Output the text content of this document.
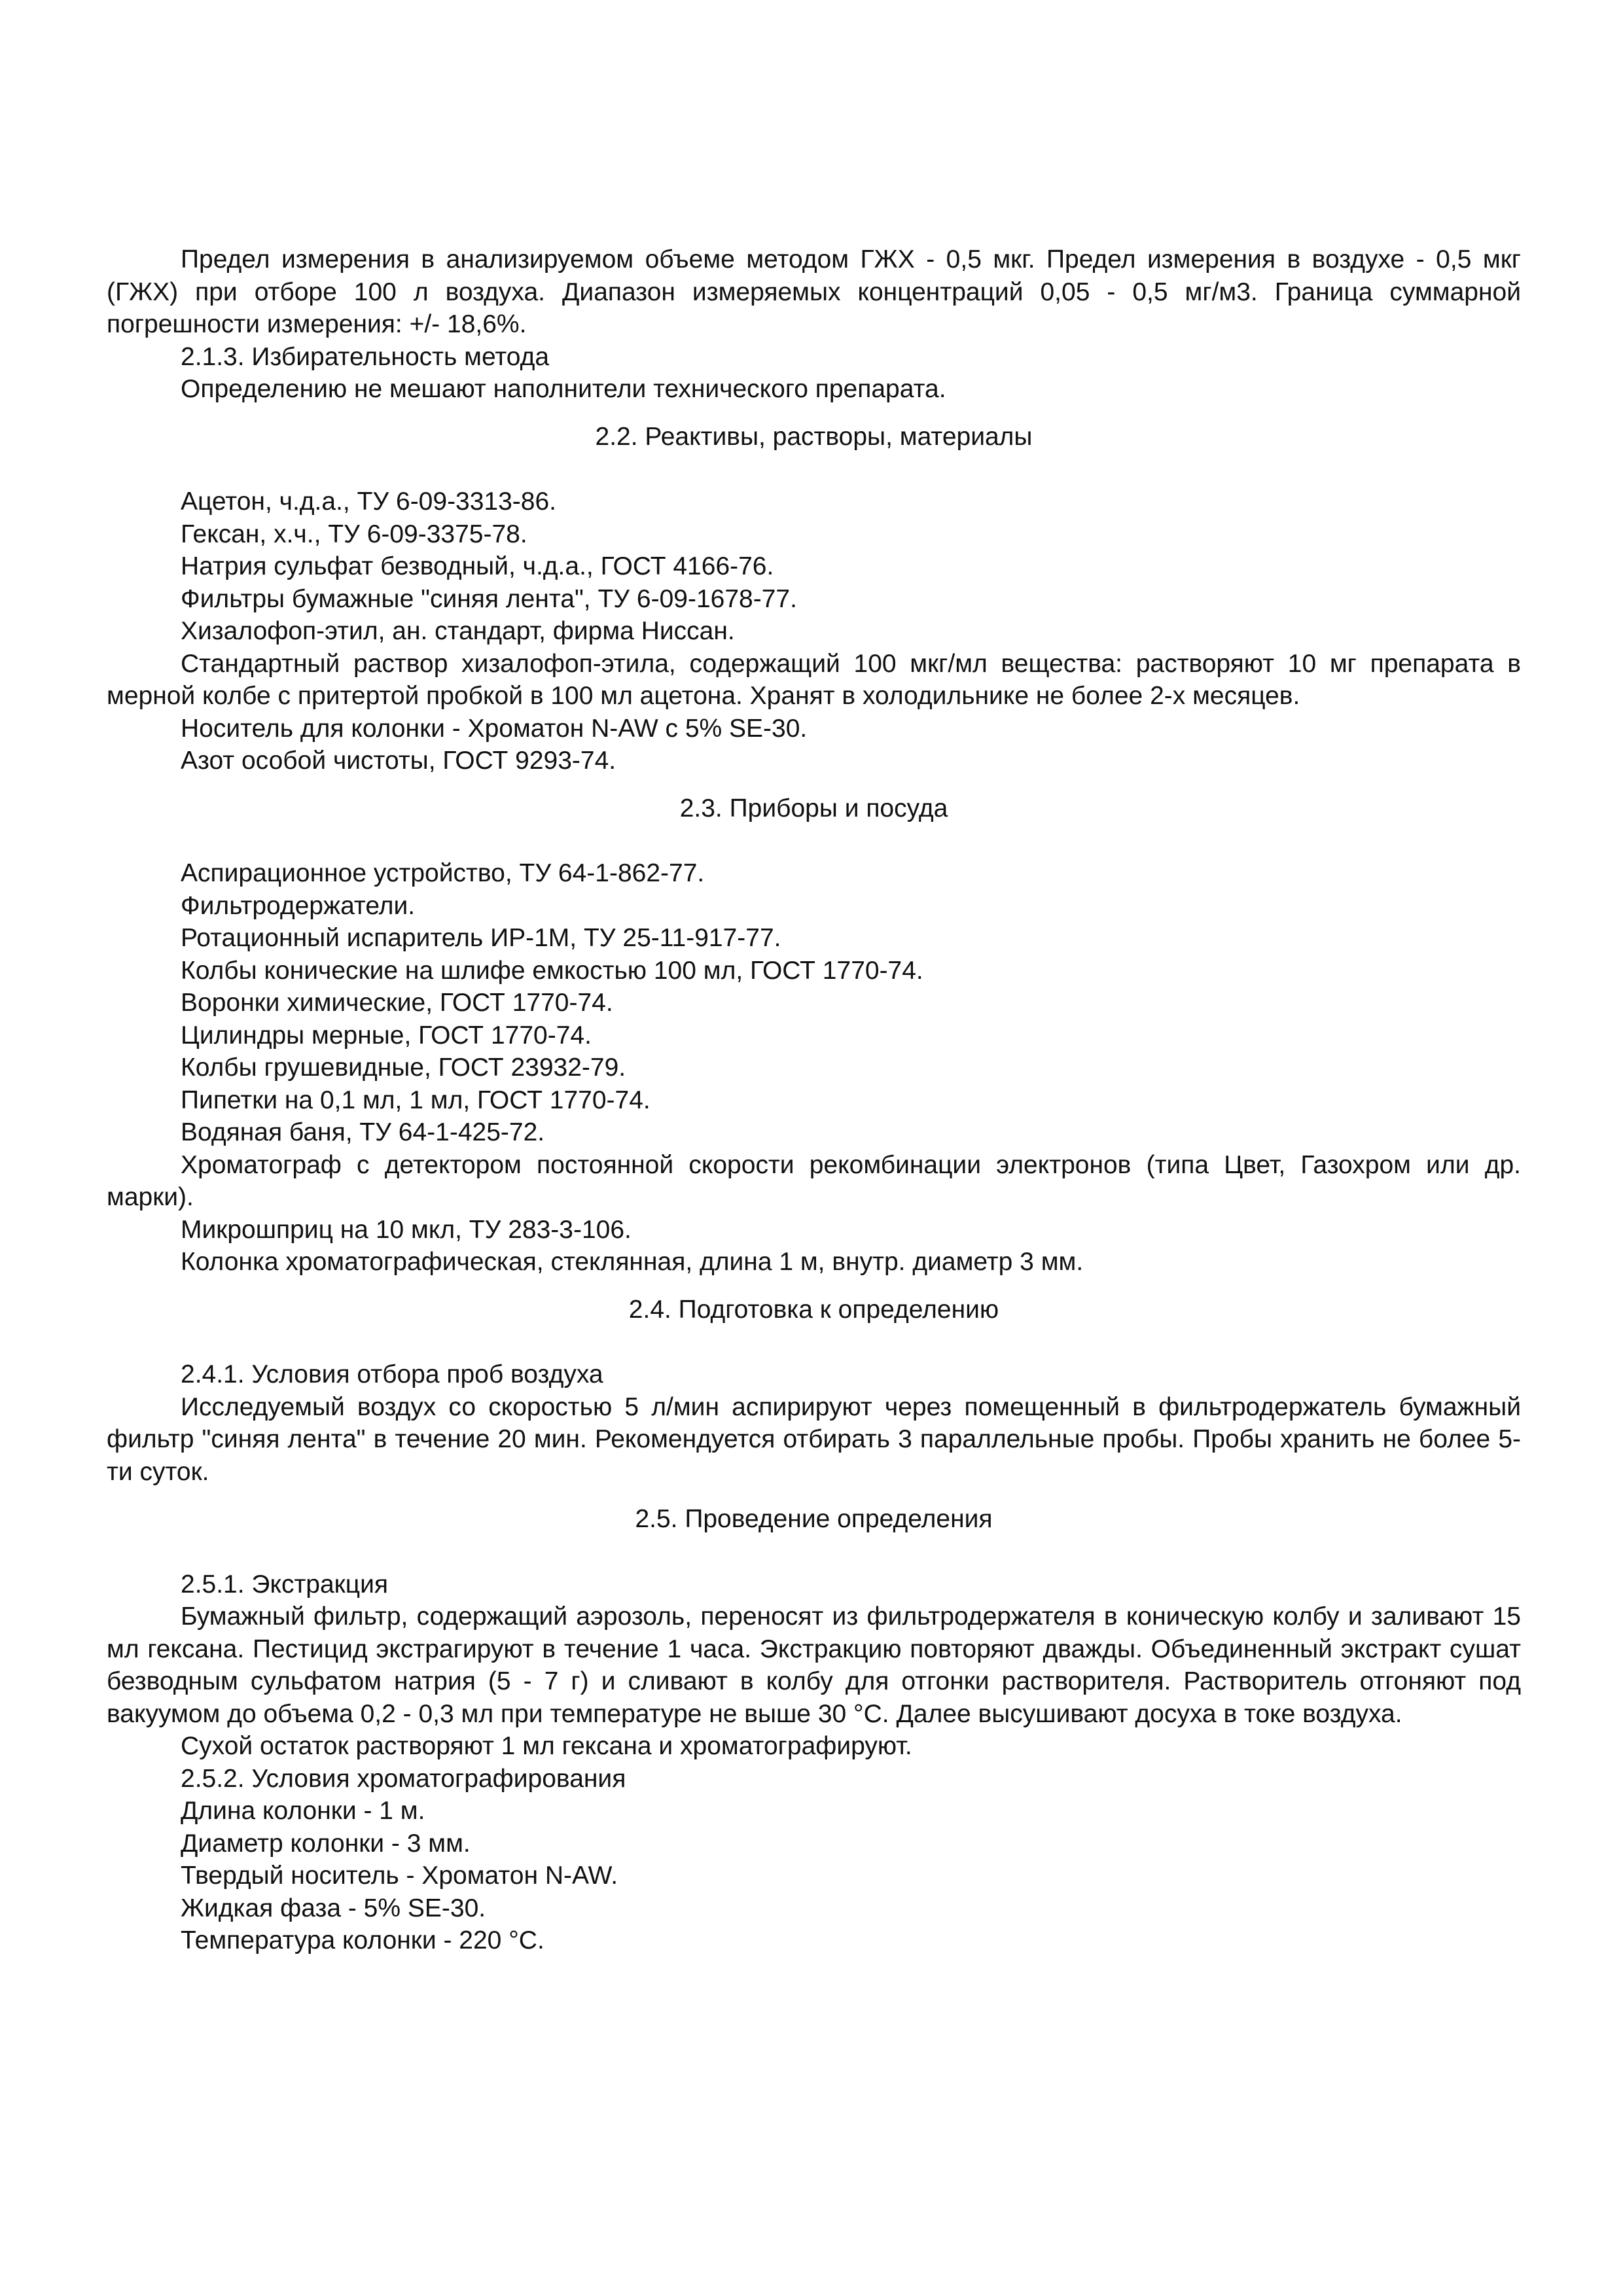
Предел измерения в анализируемом объеме методом ГЖХ - 0,5 мкг. Предел измерения в воздухе - 0,5 мкг (ГЖХ) при отборе 100 л воздуха. Диапазон измеряемых концентраций 0,05 - 0,5 мг/м3. Граница суммарной погрешности измерения: +/- 18,6%.

2.1.3. Избирательность метода

Определению не мешают наполнители технического препарата.

2.2. Реактивы, растворы, материалы

Ацетон, ч.д.а., ТУ 6-09-3313-86.

Гексан, х.ч., ТУ 6-09-3375-78.

Натрия сульфат безводный, ч.д.а., ГОСТ 4166-76.

Фильтры бумажные "синяя лента", ТУ 6-09-1678-77.

Хизалофоп-этил, ан. стандарт, фирма Ниссан.

Стандартный раствор хизалофоп-этила, содержащий 100 мкг/мл вещества: растворяют 10 мг препарата в мерной колбе с притертой пробкой в 100 мл ацетона. Хранят в холодильнике не более 2-х месяцев.

Носитель для колонки - Хроматон N-AW с 5% SE-30.

Азот особой чистоты, ГОСТ 9293-74.

2.3. Приборы и посуда

Аспирационное устройство, ТУ 64-1-862-77.

Фильтродержатели.

Ротационный испаритель ИР-1М, ТУ 25-11-917-77.

Колбы конические на шлифе емкостью 100 мл, ГОСТ 1770-74.

Воронки химические, ГОСТ 1770-74.

Цилиндры мерные, ГОСТ 1770-74.

Колбы грушевидные, ГОСТ 23932-79.

Пипетки на 0,1 мл, 1 мл, ГОСТ 1770-74.

Водяная баня, ТУ 64-1-425-72.

Хроматограф с детектором постоянной скорости рекомбинации электронов (типа Цвет, Газохром или др. марки).

Микрошприц на 10 мкл, ТУ 283-3-106.

Колонка хроматографическая, стеклянная, длина 1 м, внутр. диаметр 3 мм.

2.4. Подготовка к определению

2.4.1. Условия отбора проб воздуха

Исследуемый воздух со скоростью 5 л/мин аспирируют через помещенный в фильтродержатель бумажный фильтр "синяя лента" в течение 20 мин. Рекомендуется отбирать 3 параллельные пробы. Пробы хранить не более 5-ти суток.

2.5. Проведение определения

2.5.1. Экстракция

Бумажный фильтр, содержащий аэрозоль, переносят из фильтродержателя в коническую колбу и заливают 15 мл гексана. Пестицид экстрагируют в течение 1 часа. Экстракцию повторяют дважды. Объединенный экстракт сушат безводным сульфатом натрия (5 - 7 г) и сливают в колбу для отгонки растворителя. Растворитель отгоняют под вакуумом до объема 0,2 - 0,3 мл при температуре не выше 30 °С. Далее высушивают досуха в токе воздуха.

Сухой остаток растворяют 1 мл гексана и хроматографируют.

2.5.2. Условия хроматографирования

Длина колонки - 1 м.

Диаметр колонки - 3 мм.

Твердый носитель - Хроматон N-AW.

Жидкая фаза - 5% SE-30.

Температура колонки - 220 °С.
